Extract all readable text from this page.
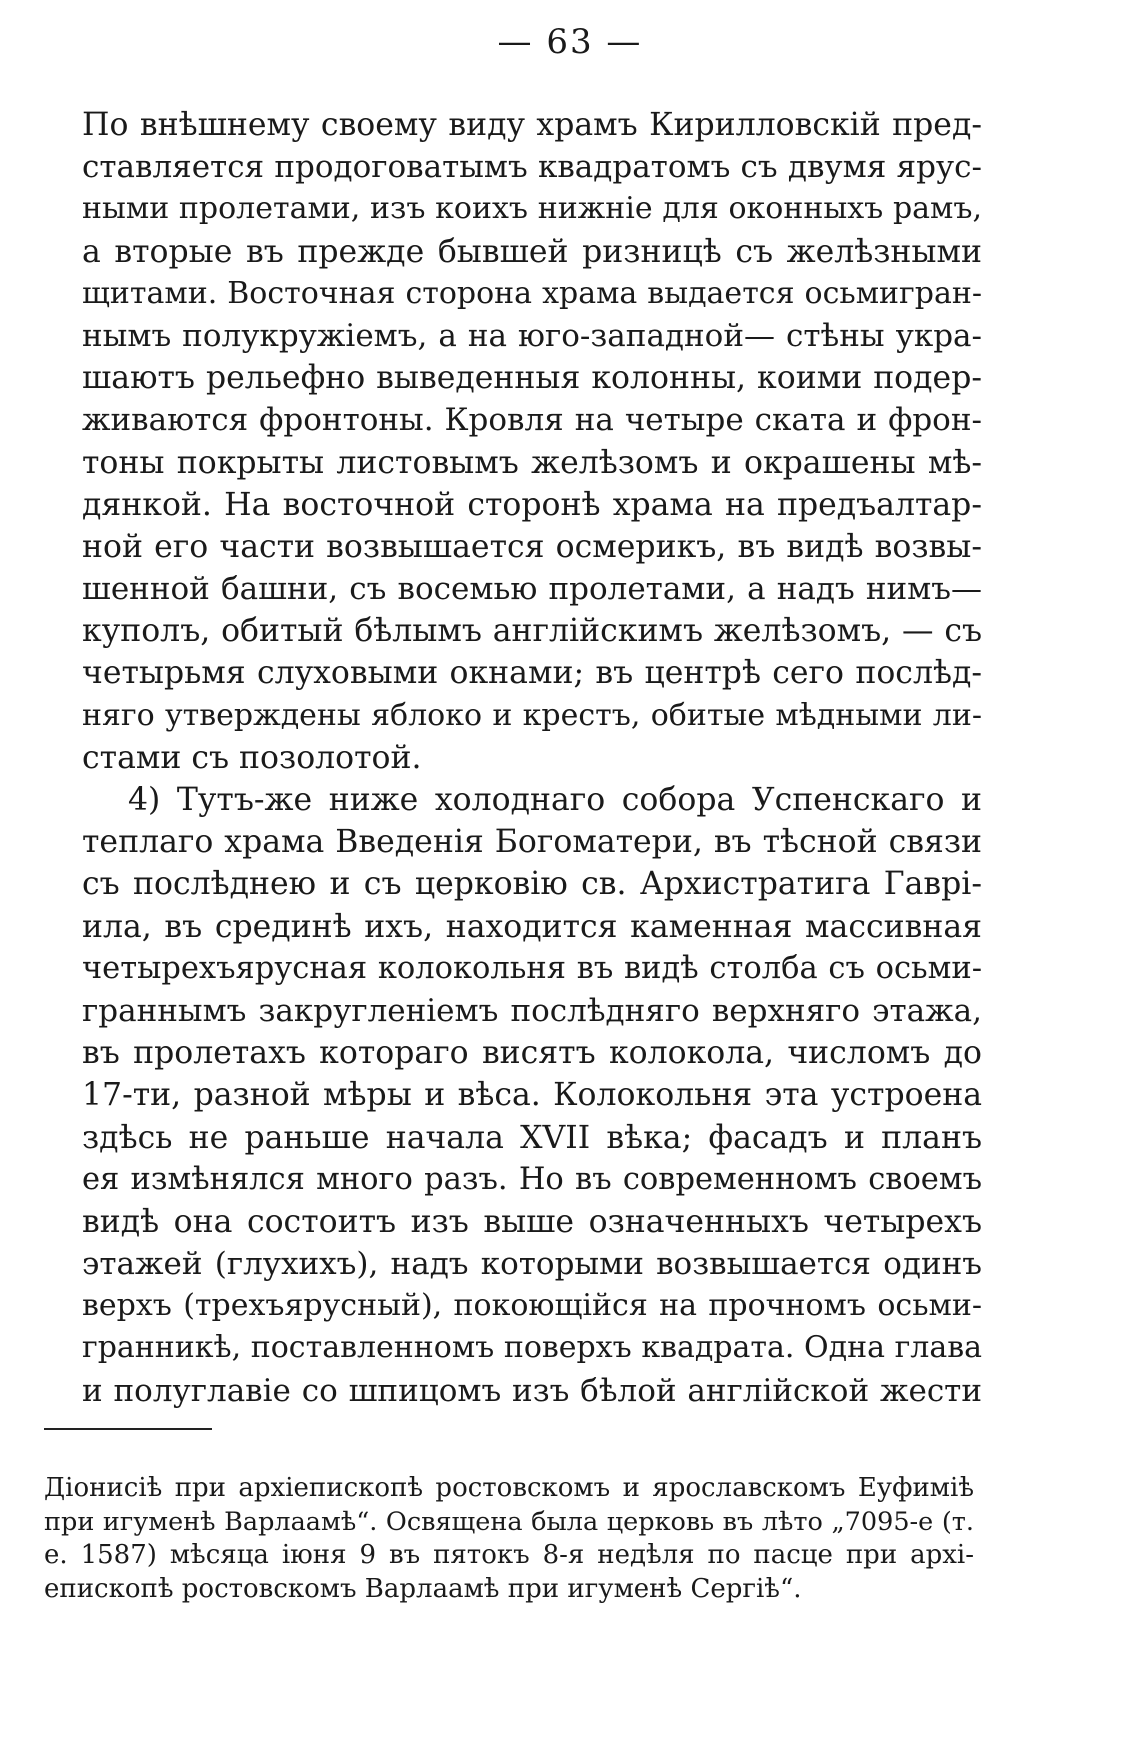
— 63 —
По внѣшнему своему виду храмъ Кирилловскій пред-
ставляется продоговатымъ квадратомъ съ двумя ярус-
ными пролетами, изъ коихъ нижніе для оконныхъ рамъ,
а вторые въ прежде бывшей ризницѣ съ желѣзными
щитами. Восточная сторона храма выдается осьмигран-
нымъ полукружіемъ, а на юго-западной— стѣны укра-
шаютъ рельефно выведенныя колонны, коими подер-
живаются фронтоны. Кровля на четыре ската и фрон-
тоны покрыты листовымъ желѣзомъ и окрашены мѣ-
дянкой. На восточной сторонѣ храма на предъалтар-
ной его части возвышается осмерикъ, въ видѣ возвы-
шенной башни, съ восемью пролетами, а надъ нимъ—
куполъ, обитый бѣлымъ англійскимъ желѣзомъ, — съ
четырьмя слуховыми окнами; въ центрѣ сего послѣд-
няго утверждены яблоко и крестъ, обитые мѣдными ли-
стами съ позолотой.
4) Тутъ-же ниже холоднаго собора Успенскаго и
теплаго храма Введенія Богоматери, въ тѣсной связи
съ послѣднею и съ церковію св. Архистратига Гаврі-
ила, въ срединѣ ихъ, находится каменная массивная
четырехъярусная колокольня въ видѣ столба съ осьми-
граннымъ закругленіемъ послѣдняго верхняго этажа,
въ пролетахъ котораго висятъ колокола, числомъ до
17-ти, разной мѣры и вѣса. Колокольня эта устроена
здѣсь не раньше начала XVII вѣка; фасадъ и планъ
ея измѣнялся много разъ. Но въ современномъ своемъ
видѣ она состоитъ изъ выше означенныхъ четырехъ
этажей (глухихъ), надъ которыми возвышается одинъ
верхъ (трехъярусный), покоющійся на прочномъ осьми-
гранникѣ, поставленномъ поверхъ квадрата. Одна глава
и полуглавіе со шпицомъ изъ бѣлой англійской жести
Діонисіѣ при архіепископѣ ростовскомъ и ярославскомъ Еуфиміѣ
при игуменѣ Варлаамѣ“. Освящена была церковь въ лѣто „7095-е (т.
е. 1587) мѣсяца іюня 9 въ пятокъ 8-я недѣля по пасце при архі-
епископѣ ростовскомъ Варлаамѣ при игуменѣ Сергіѣ“.
